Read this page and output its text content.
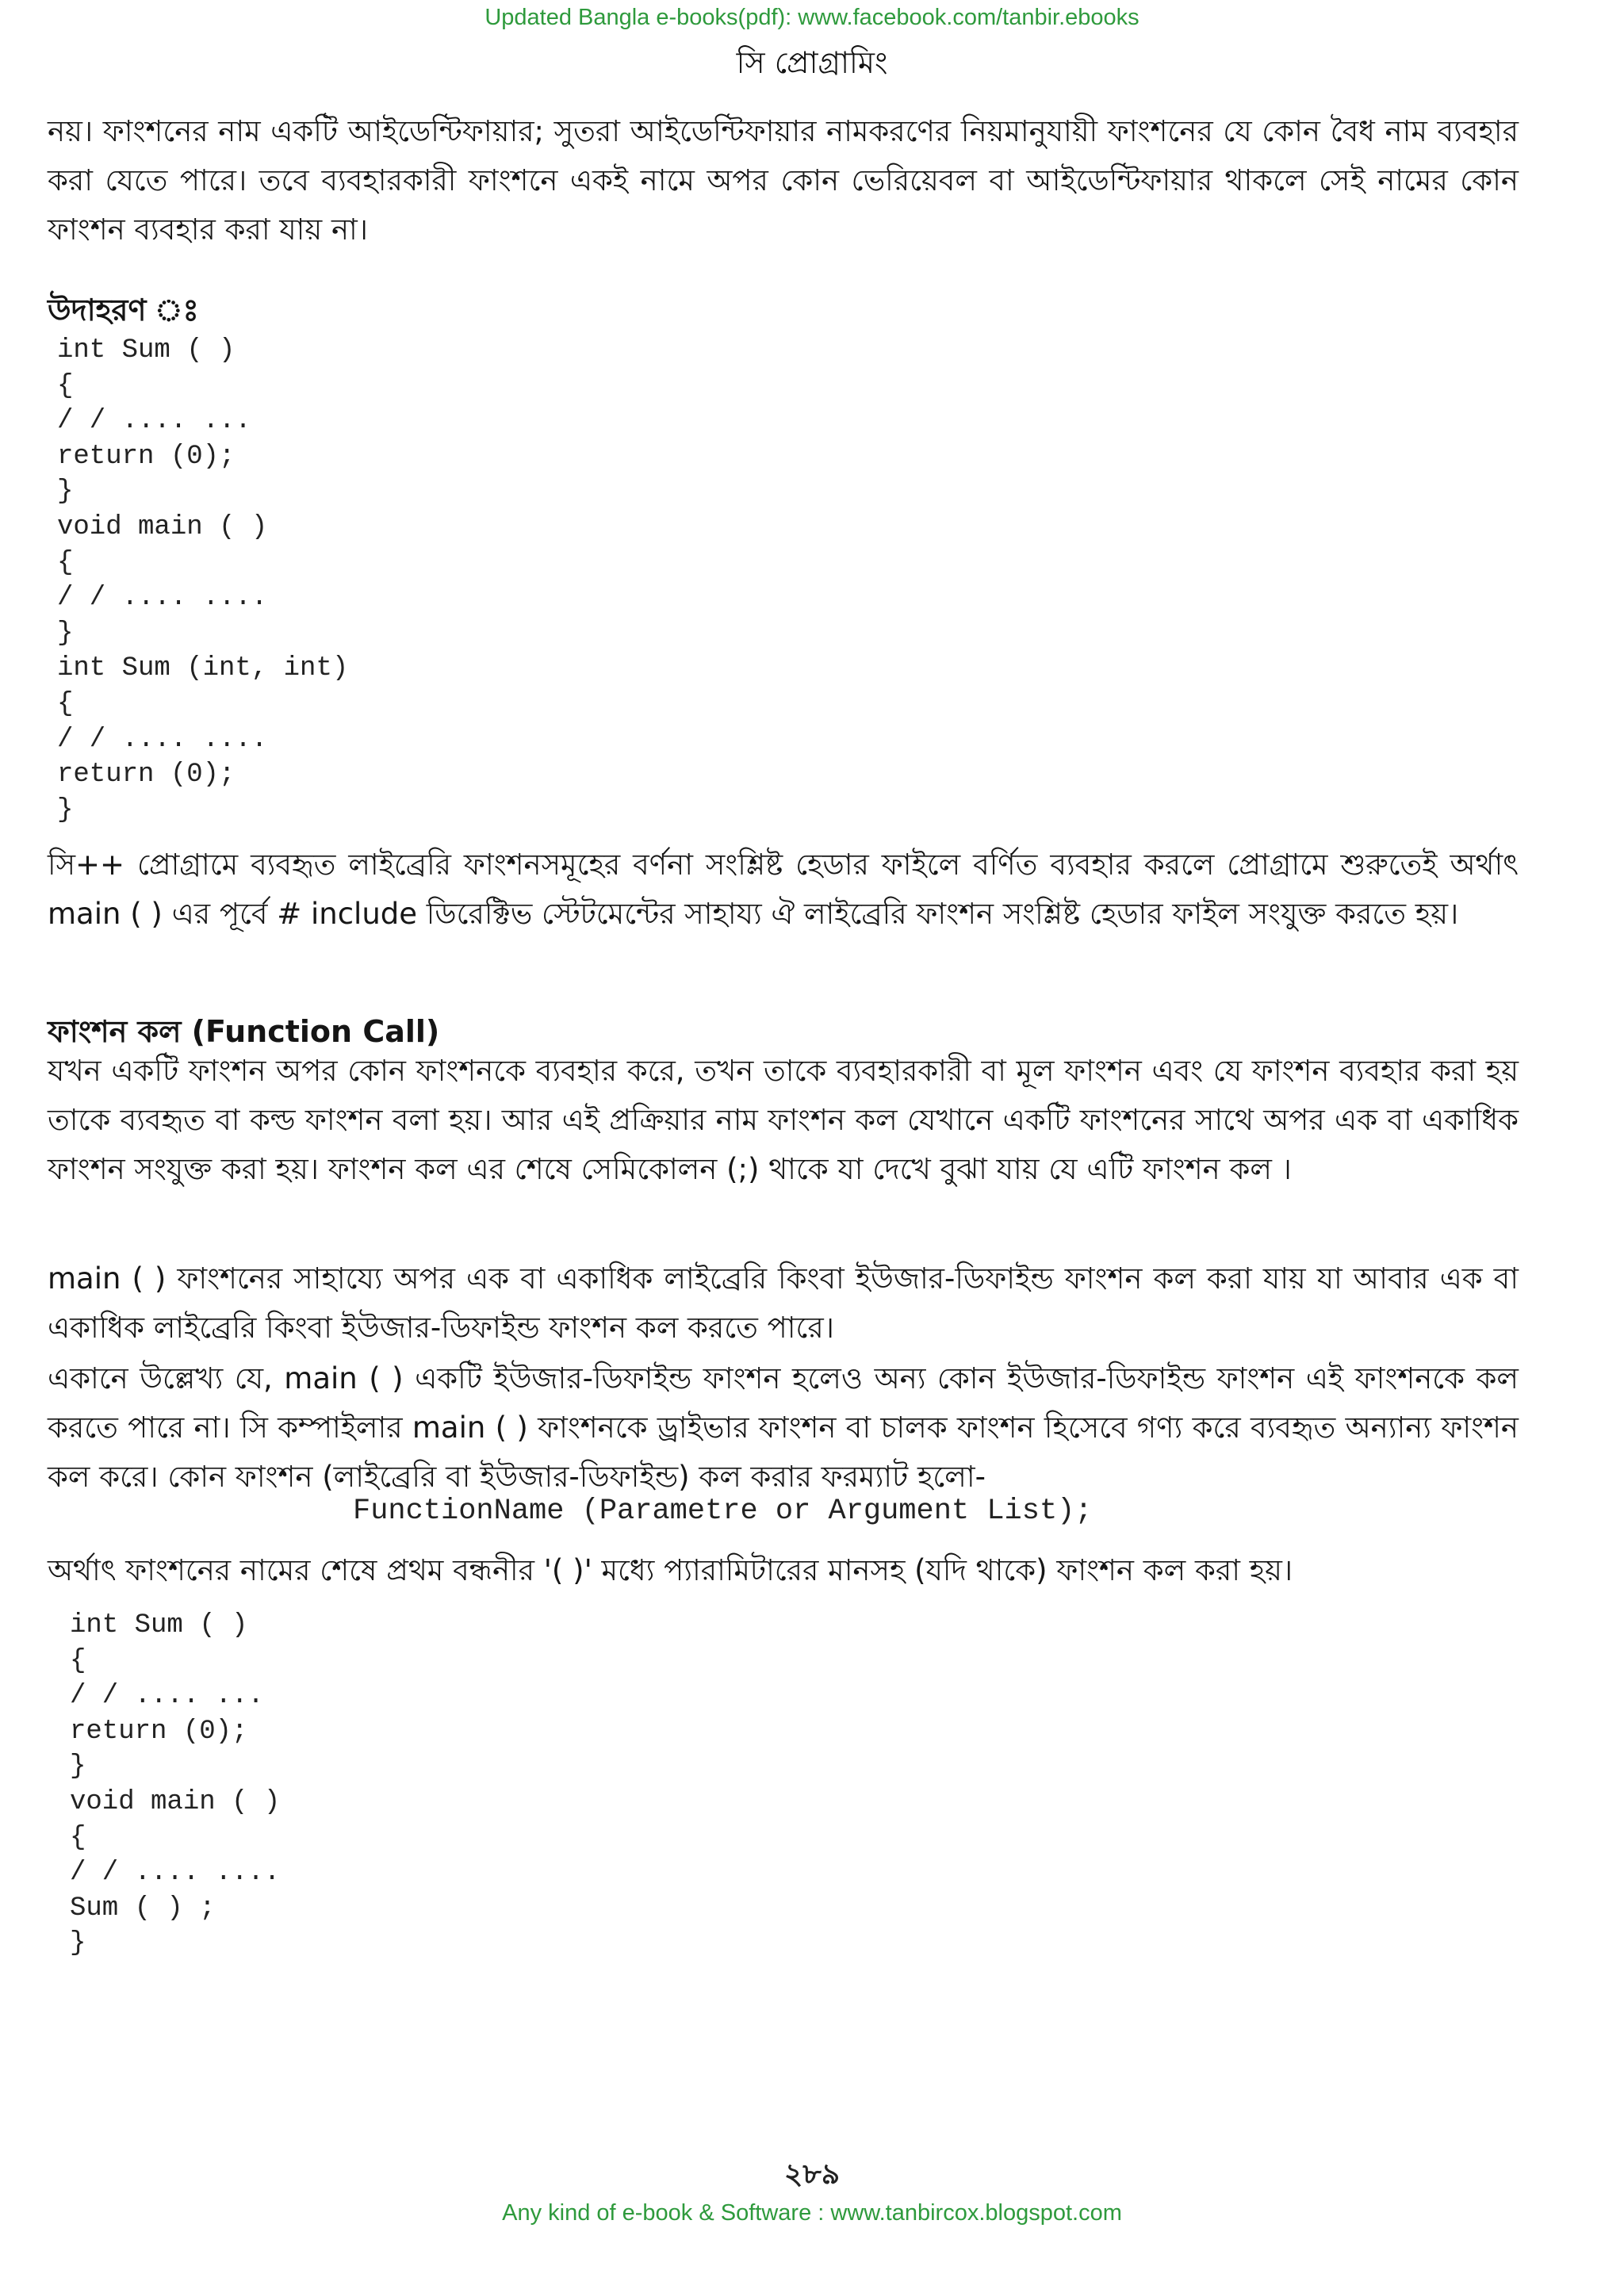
Updated Bangla e-books(pdf): www.facebook.com/tanbir.ebooks
সি প্রোগ্রামিং

নয়। ফাংশনের নাম একটি আইডেন্টিফায়ার; সুতরা আইডেন্টিফায়ার নামকরণের নিয়মানুযায়ী ফাংশনের যে কোন বৈধ নাম ব্যবহার করা যেতে পারে। তবে ব্যবহারকারী ফাংশনে একই নামে অপর কোন ভেরিয়েবল বা আইডেন্টিফায়ার থাকলে সেই নামের কোন ফাংশন ব্যবহার করা যায় না।

উদাহরণ ঃ
int Sum ( )
{
/ / .... ...
return (0);
}
void main ( )
{
/ / .... ....
}
int Sum (int, int)
{
/ / .... ....
return (0);
}

সি++ প্রোগ্রামে ব্যবহৃত লাইব্রেরি ফাংশনসমূহের বর্ণনা সংশ্লিষ্ট হেডার ফাইলে বর্ণিত ব্যবহার করলে প্রোগ্রামে শুরুতেই অর্থাৎ main ( ) এর পূর্বে # include ডিরেক্টিভ স্টেটমেন্টের সাহায্য ঐ লাইব্রেরি ফাংশন সংশ্লিষ্ট হেডার ফাইল সংযুক্ত করতে হয়।

ফাংশন কল (Function Call)

যখন একটি ফাংশন অপর কোন ফাংশনকে ব্যবহার করে, তখন তাকে ব্যবহারকারী বা মূল ফাংশন এবং যে ফাংশন ব্যবহার করা হয় তাকে ব্যবহৃত বা কল্ড ফাংশন বলা হয়। আর এই প্রক্রিয়ার নাম ফাংশন কল যেখানে একটি ফাংশনের সাথে অপর এক বা একাধিক ফাংশন সংযুক্ত করা হয়। ফাংশন কল এর শেষে সেমিকোলন (;) থাকে যা দেখে বুঝা যায় যে এটি ফাংশন কল ।

main ( ) ফাংশনের সাহায্যে অপর এক বা একাধিক লাইব্রেরি কিংবা ইউজার-ডিফাইন্ড ফাংশন কল করা যায় যা আবার এক বা একাধিক লাইব্রেরি কিংবা ইউজার-ডিফাইন্ড ফাংশন কল করতে পারে।

একানে উল্লেখ্য যে, main ( ) একটি ইউজার-ডিফাইন্ড ফাংশন হলেও অন্য কোন ইউজার-ডিফাইন্ড ফাংশন এই ফাংশনকে কল করতে পারে না। সি কম্পাইলার main ( ) ফাংশনকে ড্রাইভার ফাংশন বা চালক ফাংশন হিসেবে গণ্য করে ব্যবহৃত অন্যান্য ফাংশন কল করে। কোন ফাংশন (লাইব্রেরি বা ইউজার-ডিফাইন্ড) কল করার ফরম্যাট হলো-

FunctionName (Parametre or Argument List);

অর্থাৎ ফাংশনের নামের শেষে প্রথম বন্ধনীর '( )' মধ্যে প্যারামিটারের মানসহ (যদি থাকে) ফাংশন কল করা হয়।

int Sum ( )
{
/ / .... ...
return (0);
}
void main ( )
{
/ / .... ....
Sum ( ) ;
}
২৮৯
Any kind of e-book & Software : www.tanbircox.blogspot.com
